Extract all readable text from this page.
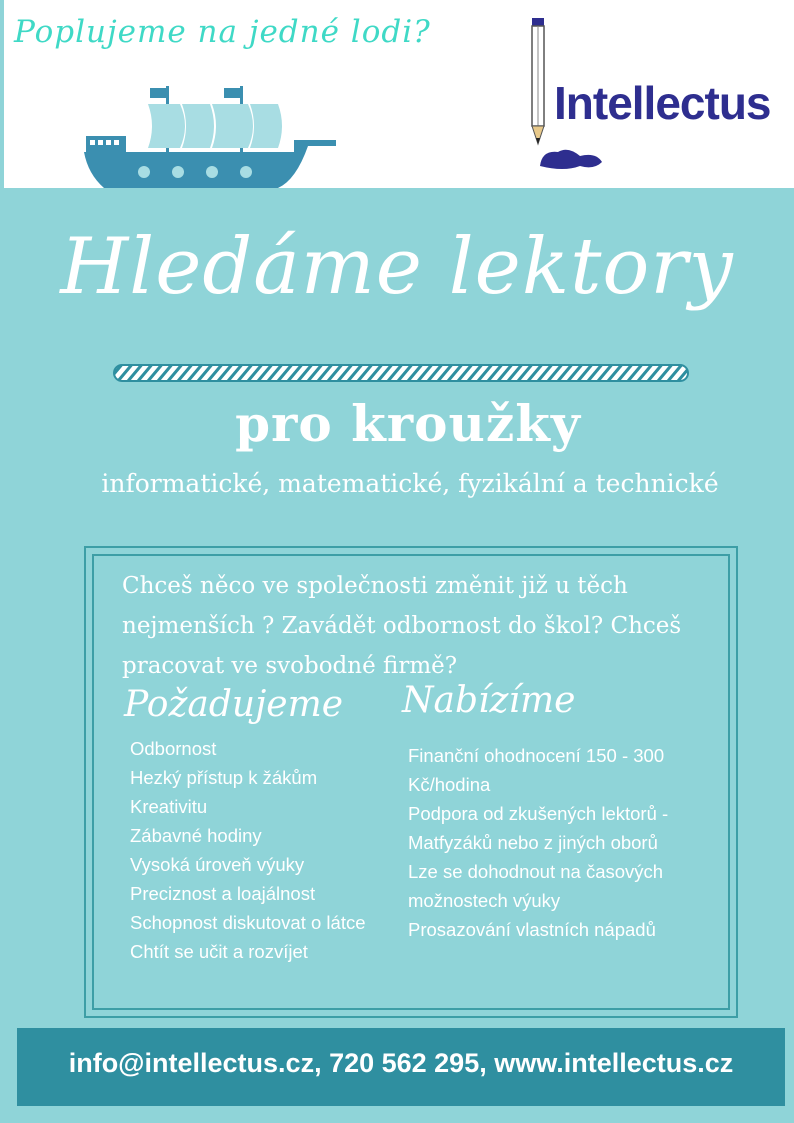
Poplujeme na jedné lodi?
Intellectus
Hledáme lektory
pro kroužky
informatické, matematické, fyzikální a technické
Chceš něco ve společnosti změnit již u těch nejmenších ? Zavádět odbornost do škol? Chceš pracovat ve svobodné firmě?
Požadujeme Nabízíme
Odbornost
Hezký přístup k žákům
Kreativitu
Zábavné hodiny
Vysoká úroveň výuky
Preciznost a loajálnost
Schopnost diskutovat o látce
Chtít se učit a rozvíjet
Finanční ohodnocení 150 - 300 Kč/hodina
Podpora od zkušených lektorů - Matfyzáků nebo z jiných oborů
Lze se dohodnout na časových možnostech výuky
Prosazování vlastních nápadů
info@intellectus.cz, 720 562 295, www.intellectus.cz
